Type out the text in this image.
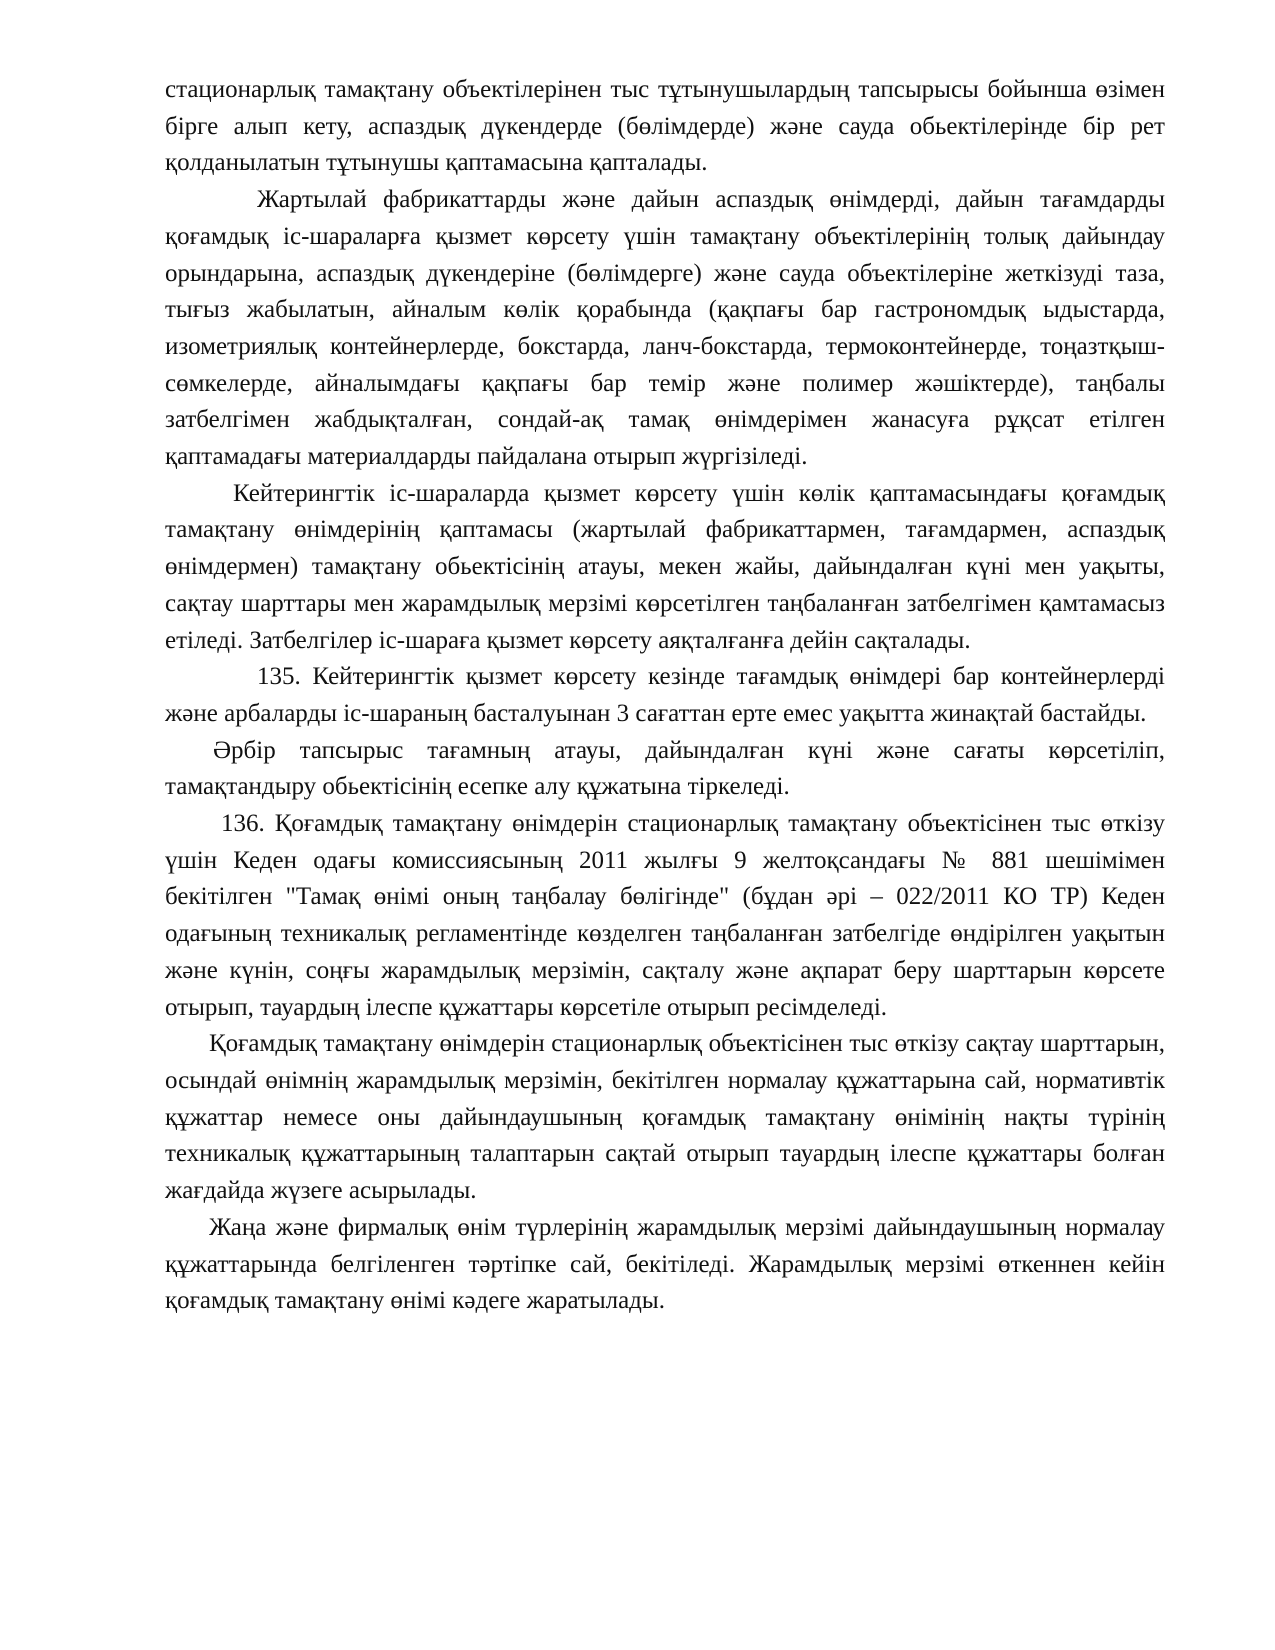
стационарлық тамақтану объектілерінен тыс тұтынушылардың тапсырысы бойынша өзімен бірге алып кету, аспаздық дүкендерде (бөлімдерде) және сауда обьектілерінде бір рет қолданылатын тұтынушы қаптамасына қапталады.

Жартылай фабрикаттарды және дайын аспаздық өнімдерді, дайын тағамдарды қоғамдық іс-шараларға қызмет көрсету үшін тамақтану объектілерінің толық дайындау орындарына, аспаздық дүкендеріне (бөлімдерге) және сауда объектілеріне жеткізуді таза, тығыз жабылатын, айналым көлік қорабында (қақпағы бар гастрономдық ыдыстарда, изометриялық контейнерлерде, бокстарда, ланч-бокстарда, термоконтейнерде, тоңазтқыш-сөмкелерде, айналымдағы қақпағы бар темір және полимер жәшіктерде), таңбалы затбелгімен жабдықталған, сондай-ақ тамақ өнімдерімен жанасуға рұқсат етілген қаптамадағы материалдарды пайдалана отырып жүргізіледі.

Кейтерингтік іс-шараларда қызмет көрсету үшін көлік қаптамасындағы қоғамдық тамақтану өнімдерінің қаптамасы (жартылай фабрикаттармен, тағамдармен, аспаздық өнімдермен) тамақтану обьектісінің атауы, мекен жайы, дайындалған күні мен уақыты, сақтау шарттары мен жарамдылық мерзімі көрсетілген таңбаланған затбелгімен қамтамасыз етіледі. Затбелгілер іс-шараға қызмет көрсету аяқталғанға дейін сақталады.

135. Кейтерингтік қызмет көрсету кезінде тағамдық өнімдері бар контейнерлерді және арбаларды іс-шараның басталуынан 3 сағаттан ерте емес уақытта жинақтай бастайды.

Әрбір тапсырыс тағамның атауы, дайындалған күні және сағаты көрсетіліп, тамақтандыру обьектісінің есепке алу құжатына тіркеледі.

136. Қоғамдық тамақтану өнімдерін стационарлық тамақтану объектісінен тыс өткізу үшін Кеден одағы комиссиясының 2011 жылғы 9 желтоқсандағы № 881 шешімімен бекітілген "Тамақ өнімі оның таңбалау бөлігінде" (бұдан әрі – 022/2011 КО ТР) Кеден одағының техникалық регламентінде көзделген таңбаланған затбелгіде өндірілген уақытын және күнін, соңғы жарамдылық мерзімін, сақталу және ақпарат беру шарттарын көрсете отырып, тауардың ілеспе құжаттары көрсетіле отырып ресімделеді.

Қоғамдық тамақтану өнімдерін стационарлық объектісінен тыс өткізу сақтау шарттарын, осындай өнімнің жарамдылық мерзімін, бекітілген нормалау құжаттарына сай, нормативтік құжаттар немесе оны дайындаушының қоғамдық тамақтану өнімінің нақты түрінің техникалық құжаттарының талаптарын сақтай отырып тауардың ілеспе құжаттары болған жағдайда жүзеге асырылады.

Жаңа және фирмалық өнім түрлерінің жарамдылық мерзімі дайындаушының нормалау құжаттарында белгіленген тәртіпке сай, бекітіледі. Жарамдылық мерзімі өткеннен кейін қоғамдық тамақтану өнімі кәдеге жаратылады.
